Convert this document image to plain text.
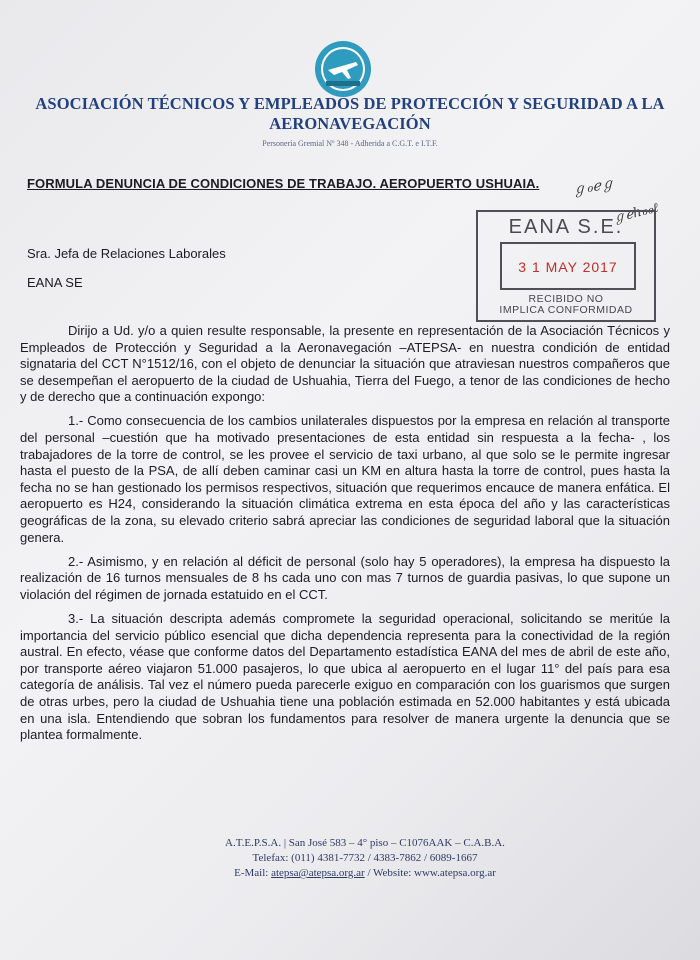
ASOCIACIÓN TÉCNICOS Y EMPLEADOS DE PROTECCIÓN Y SEGURIDAD A LA AERONAVEGACIÓN
Personería Gremial Nº 348 - Adherida a C.G.T. e I.T.F.
FORMULA DENUNCIA DE CONDICIONES DE TRABAJO. AEROPUERTO USHUAIA. ℊℴℯℊ
ℊℯℎℴℴℓ
EANA S.E.
3 1 MAY 2017
RECIBIDO NO
IMPLICA CONFORMIDAD
Sra. Jefa de Relaciones Laborales
EANA SE

Dirijo a Ud. y/o a quien resulte responsable, la presente en representación de la Asociación Técnicos y Empleados de Protección y Seguridad a la Aeronavegación –ATEPSA- en nuestra condición de entidad signataria del CCT N°1512/16, con el objeto de denunciar la situación que atraviesan nuestros compañeros que se desempeñan el aeropuerto de la ciudad de Ushuahia, Tierra del Fuego, a tenor de las condiciones de hecho y de derecho que a continuación expongo:

1.- Como consecuencia de los cambios unilaterales dispuestos por la empresa en relación al transporte del personal –cuestión que ha motivado presentaciones de esta entidad sin respuesta a la fecha- , los trabajadores de la torre de control, se les provee el servicio de taxi urbano, al que solo se le permite ingresar hasta el puesto de la PSA, de allí deben caminar casi un KM en altura hasta la torre de control, pues hasta la fecha no se han gestionado los permisos respectivos, situación que requerimos encauce de manera enfática. El aeropuerto es H24, considerando la situación climática extrema en esta época del año y las características geográficas de la zona, su elevado criterio sabrá apreciar las condiciones de seguridad laboral que la situación genera.

2.- Asimismo, y en relación al déficit de personal (solo hay 5 operadores), la empresa ha dispuesto la realización de 16 turnos mensuales de 8 hs cada uno con mas 7 turnos de guardia pasivas, lo que supone un violación del régimen de jornada estatuido en el CCT.

3.- La situación descripta además compromete la seguridad operacional, solicitando se meritúe la importancia del servicio público esencial que dicha dependencia representa para la conectividad de la región austral. En efecto, véase que conforme datos del Departamento estadística EANA del mes de abril de este año, por transporte aéreo viajaron 51.000 pasajeros, lo que ubica al aeropuerto en el lugar 11° del país para esa categoría de análisis. Tal vez el número pueda parecerle exiguo en comparación con los guarismos que surgen de otras urbes, pero la ciudad de Ushuahia tiene una población estimada en 52.000 habitantes y está ubicada en una isla. Entendiendo que sobran los fundamentos para resolver de manera urgente la denuncia que se plantea formalmente.

A.T.E.P.S.A. | San José 583 – 4° piso – C1076AAK – C.A.B.A.
Telefax: (011) 4381-7732 / 4383-7862 / 6089-1667
E-Mail: atepsa@atepsa.org.ar / Website: www.atepsa.org.ar
